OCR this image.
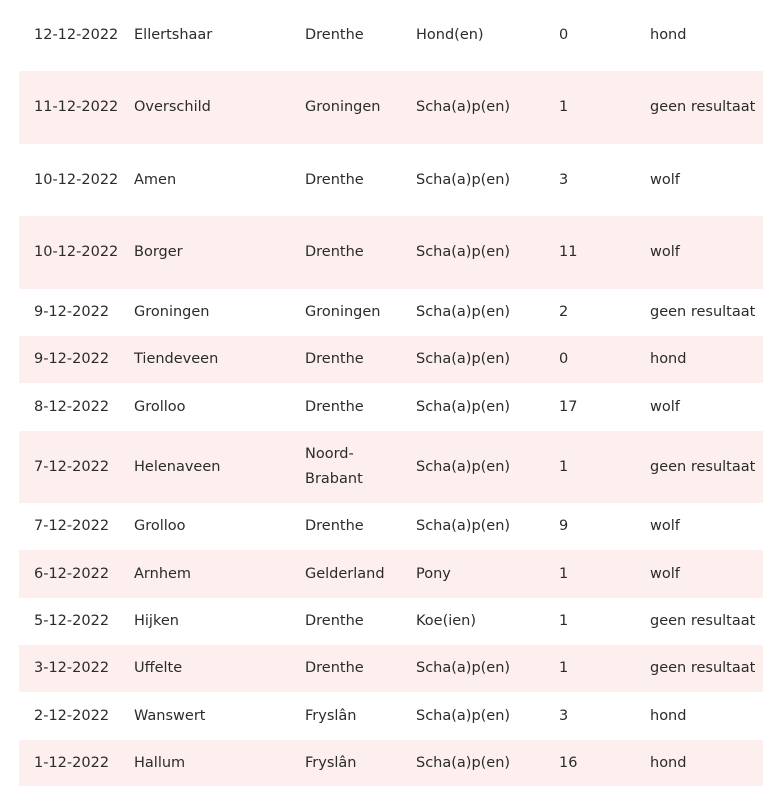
12-12-2022	Ellertshaar	Drenthe	Hond(en)	0	hond
11-12-2022	Overschild	Groningen	Scha(a)p(en)	1	geen resultaat
10-12-2022	Amen	Drenthe	Scha(a)p(en)	3	wolf
10-12-2022	Borger	Drenthe	Scha(a)p(en)	11	wolf
9-12-2022	Groningen	Groningen	Scha(a)p(en)	2	geen resultaat
9-12-2022	Tiendeveen	Drenthe	Scha(a)p(en)	0	hond
8-12-2022	Grolloo	Drenthe	Scha(a)p(en)	17	wolf
7-12-2022	Helenaveen	Noord-Brabant	Scha(a)p(en)	1	geen resultaat
7-12-2022	Grolloo	Drenthe	Scha(a)p(en)	9	wolf
6-12-2022	Arnhem	Gelderland	Pony	1	wolf
5-12-2022	Hijken	Drenthe	Koe(ien)	1	geen resultaat
3-12-2022	Uffelte	Drenthe	Scha(a)p(en)	1	geen resultaat
2-12-2022	Wanswert	Fryslân	Scha(a)p(en)	3	hond
1-12-2022	Hallum	Fryslân	Scha(a)p(en)	16	hond
